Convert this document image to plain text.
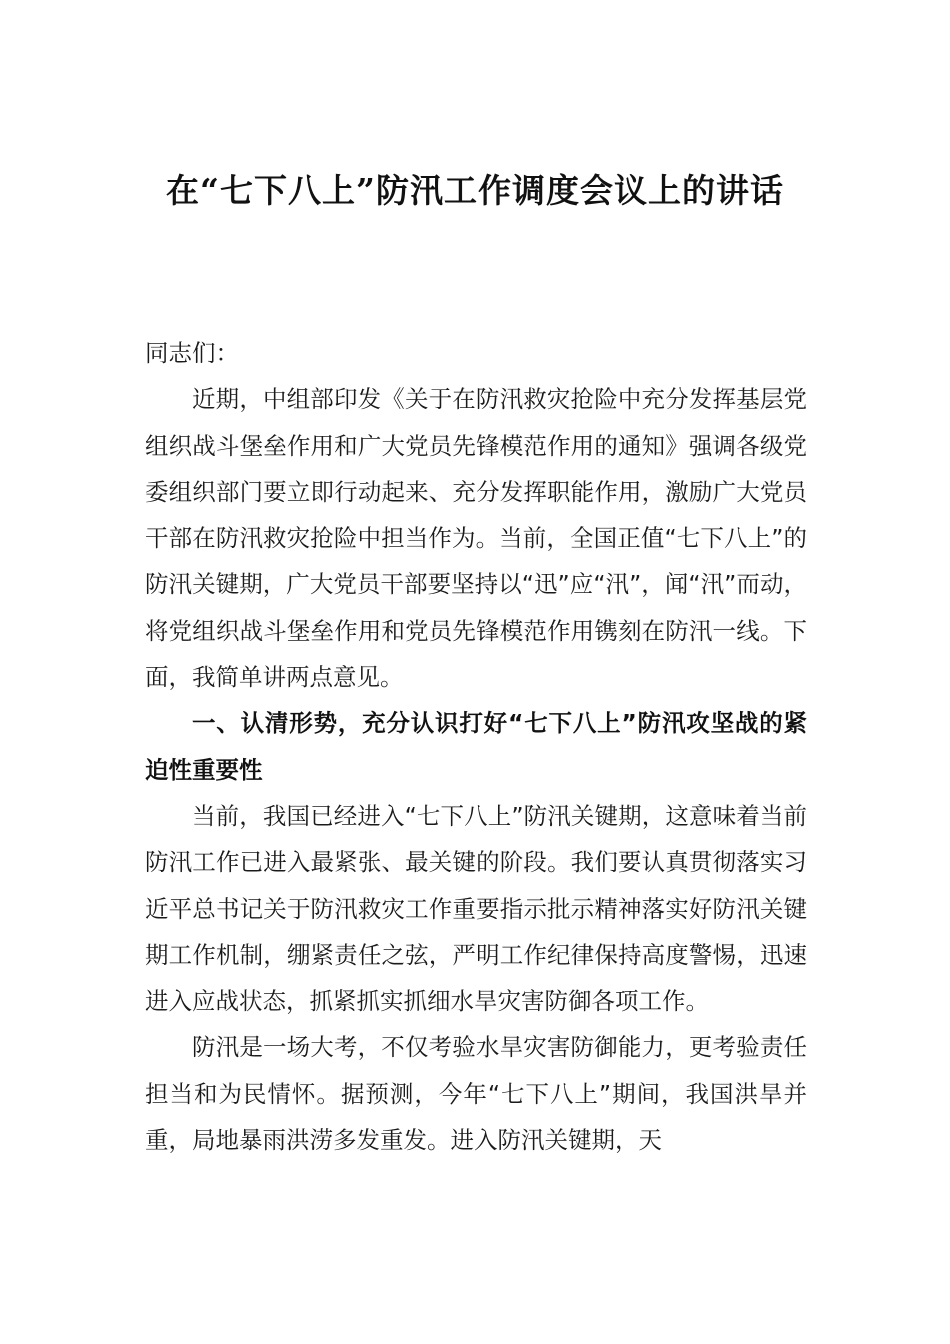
在“七下八上”防汛工作调度会议上的讲话

同志们：

近期，中组部印发《关于在防汛救灾抢险中充分发挥基层党组织战斗堡垒作用和广大党员先锋模范作用的通知》强调各级党委组织部门要立即行动起来、充分发挥职能作用，激励广大党员干部在防汛救灾抢险中担当作为。当前，全国正值“七下八上”的防汛关键期，广大党员干部要坚持以“迅”应“汛”，闻“汛”而动，将党组织战斗堡垒作用和党员先锋模范作用镌刻在防汛一线。下面，我简单讲两点意见。

一、认清形势，充分认识打好“七下八上”防汛攻坚战的紧迫性重要性

当前，我国已经进入“七下八上”防汛关键期，这意味着当前防汛工作已进入最紧张、最关键的阶段。我们要认真贯彻落实习近平总书记关于防汛救灾工作重要指示批示精神落实好防汛关键期工作机制，绷紧责任之弦，严明工作纪律保持高度警惕，迅速进入应战状态，抓紧抓实抓细水旱灾害防御各项工作。

防汛是一场大考，不仅考验水旱灾害防御能力，更考验责任担当和为民情怀。据预测，今年“七下八上”期间，我国洪旱并重，局地暴雨洪涝多发重发。进入防汛关键期，天
